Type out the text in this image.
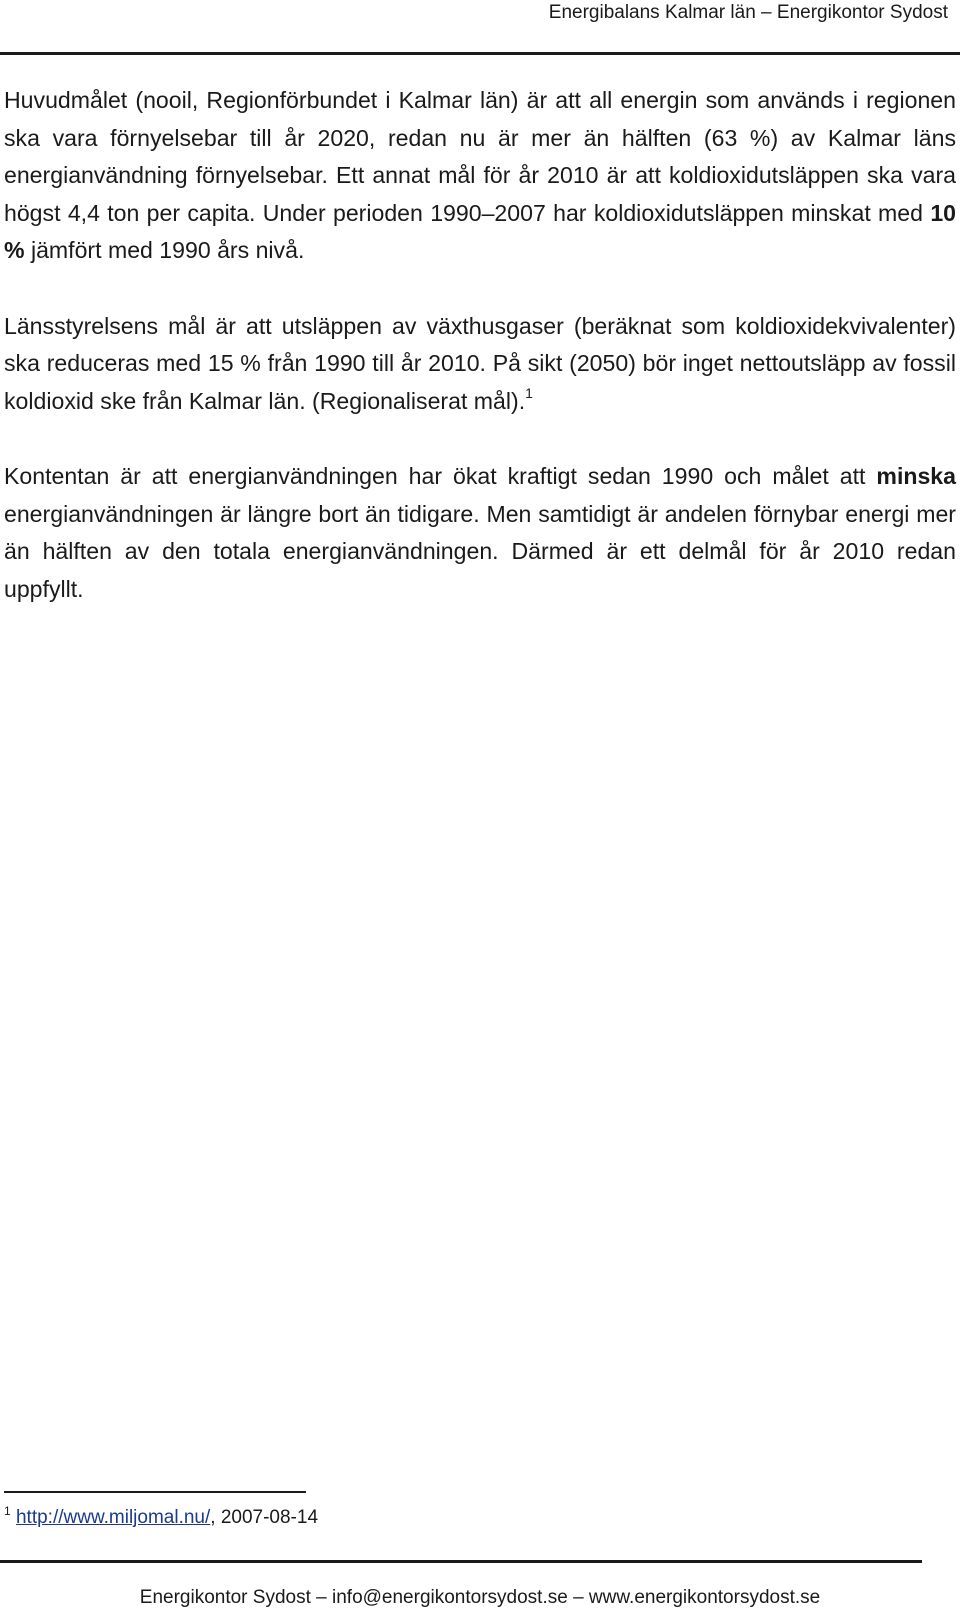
Energibalans Kalmar län – Energikontor Sydost

Huvudmålet (nooil, Regionförbundet i Kalmar län) är att all energin som används i regionen ska vara förnyelsebar till år 2020, redan nu är mer än hälften (63 %) av Kalmar läns energianvändning förnyelsebar. Ett annat mål för år 2010 är att koldioxidutsläppen ska vara högst 4,4 ton per capita. Under perioden 1990–2007 har koldioxidutsläppen minskat med 10 % jämfört med 1990 års nivå.

Länsstyrelsens mål är att utsläppen av växthusgaser (beräknat som koldioxidekvivalenter) ska reduceras med 15 % från 1990 till år 2010. På sikt (2050) bör inget nettoutsläpp av fossil koldioxid ske från Kalmar län. (Regionaliserat mål).$^1$

Kontentan är att energianvändningen har ökat kraftigt sedan 1990 och målet att minska energianvändningen är längre bort än tidigare. Men samtidigt är andelen förnybar energi mer än hälften av den totala energianvändningen. Därmed är ett delmål för år 2010 redan uppfyllt.

$^1$ http://www.miljomal.nu/, 2007-08-14
Energikontor Sydost – info@energikontorsydost.se – www.energikontorsydost.se
